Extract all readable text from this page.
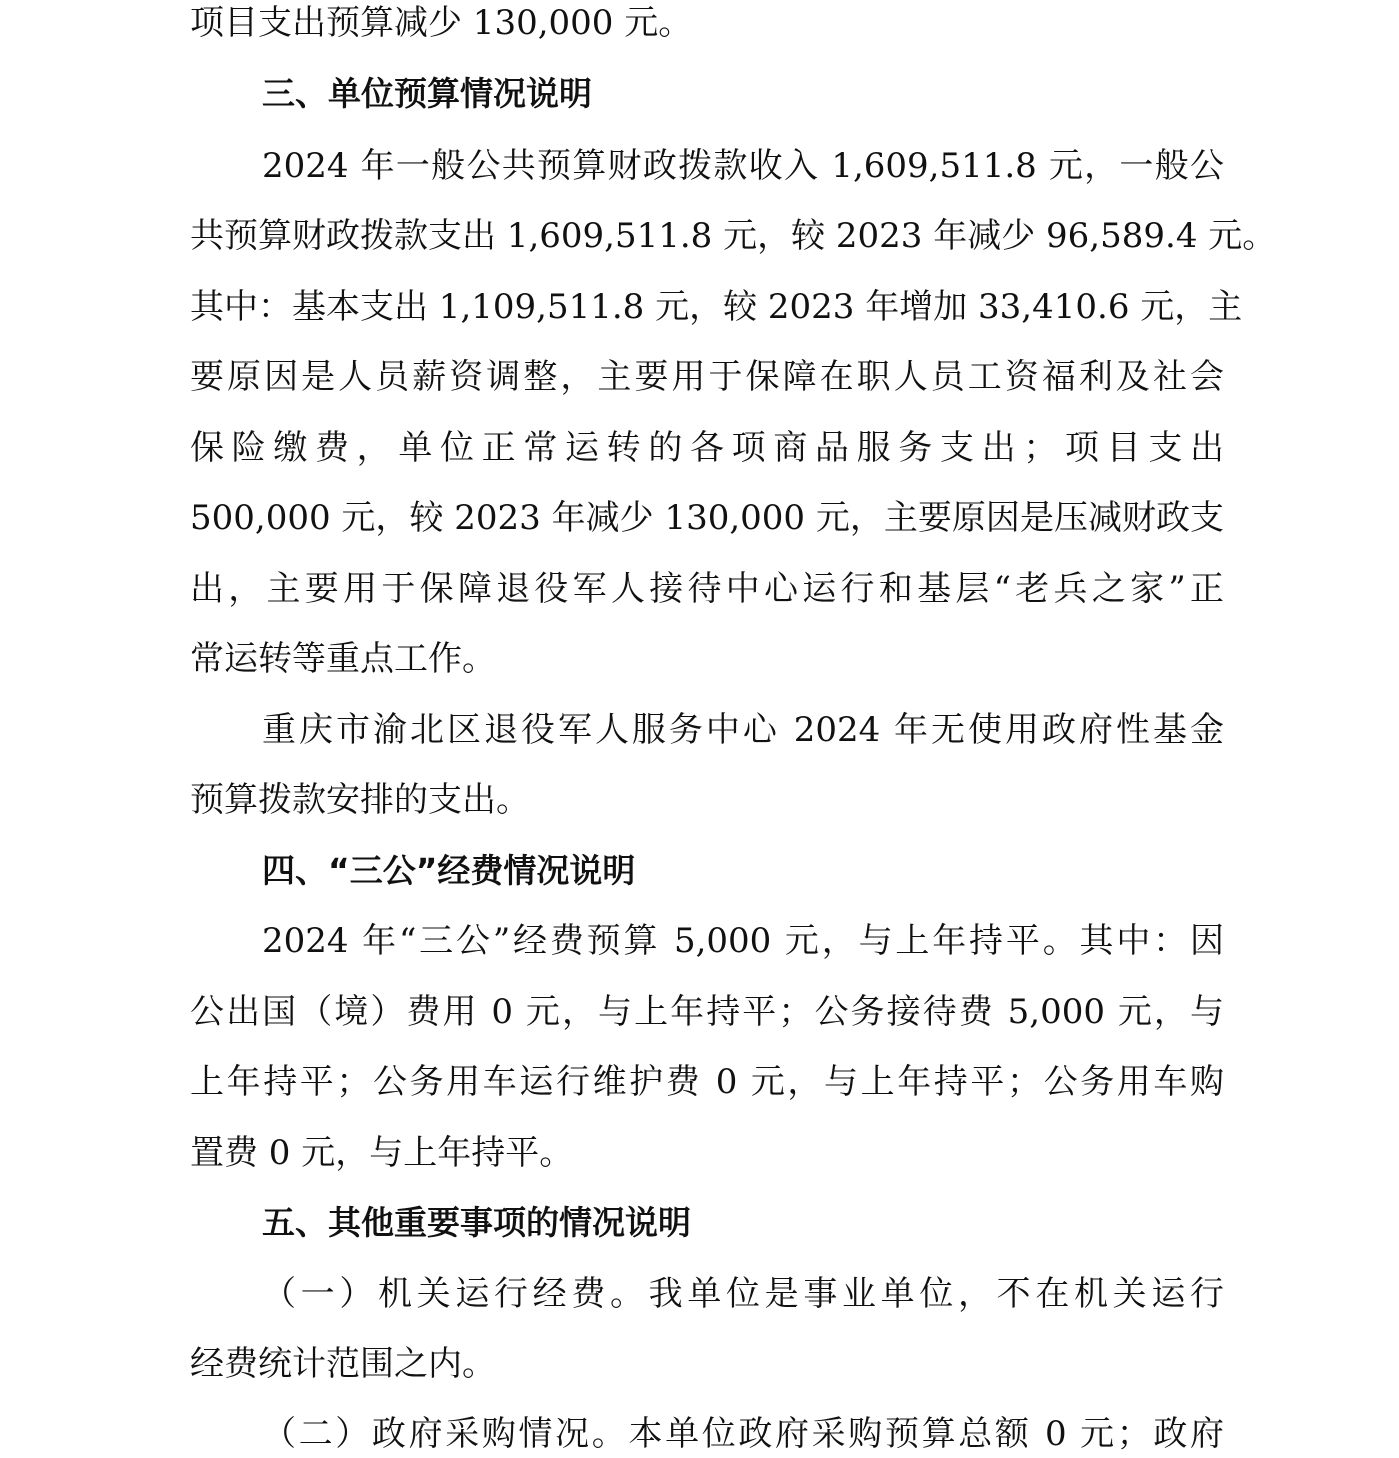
项目支出预算减少 130,000 元。
三、单位预算情况说明
2024 年一般公共预算财政拨款收入 1,609,511.8 元，一般公
共预算财政拨款支出 1,609,511.8 元，较 2023 年减少 96,589.4 元。
其中：基本支出 1,109,511.8 元，较 2023 年增加 33,410.6 元，主
要原因是人员薪资调整，主要用于保障在职人员工资福利及社会
保险缴费，单位正常运转的各项商品服务支出；项目支出
500,000 元，较 2023 年减少 130,000 元，主要原因是压减财政支
出，主要用于保障退役军人接待中心运行和基层“老兵之家”正
常运转等重点工作。
重庆市渝北区退役军人服务中心 2024 年无使用政府性基金
预算拨款安排的支出。
四、“三公”经费情况说明
2024 年“三公”经费预算 5,000 元，与上年持平。其中：因
公出国（境）费用 0 元，与上年持平；公务接待费 5,000 元，与
上年持平；公务用车运行维护费 0 元，与上年持平；公务用车购
置费 0 元，与上年持平。
五、其他重要事项的情况说明
（一）机关运行经费。我单位是事业单位，不在机关运行
经费统计范围之内。
（二）政府采购情况。本单位政府采购预算总额 0 元；政府
